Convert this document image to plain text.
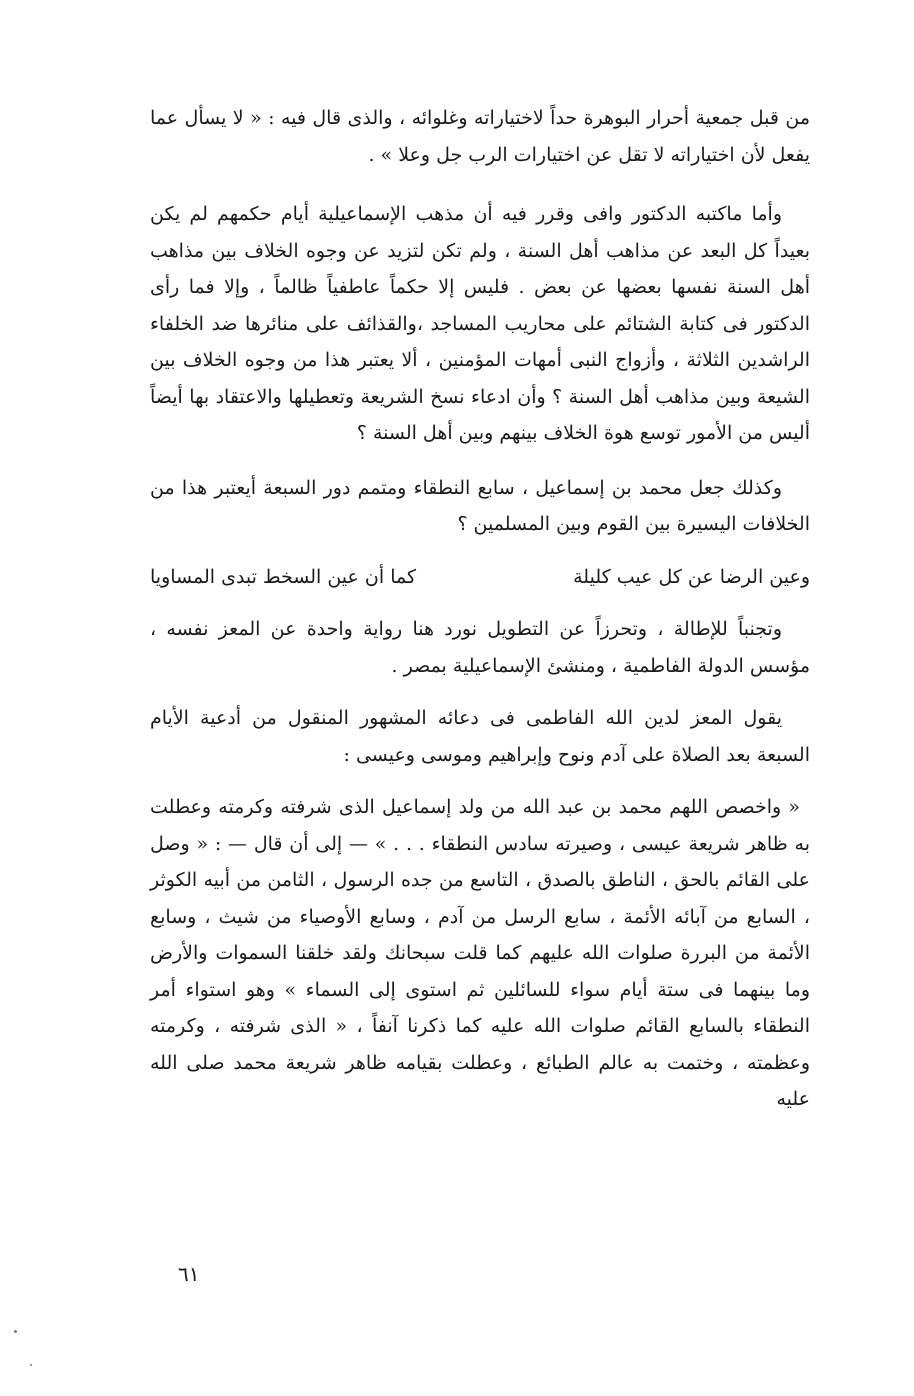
من قبل جمعية أحرار البوهرة حداً لاختياراته وغلوائه ، والذى قال فيه : « لا يسأل عما يفعل لأن اختياراته لا تقل عن اختيارات الرب جل وعلا » .

وأما ماكتبه الدكتور وافى وقرر فيه أن مذهب الإسماعيلية أيام حكمهم لم يكن بعيداً كل البعد عن مذاهب أهل السنة ، ولم تكن لتزيد عن وجوه الخلاف بين مذاهب أهل السنة نفسها بعضها عن بعض . فليس إلا حكماً عاطفياً ظالماً ، وإلا فما رأى الدكتور فى كتابة الشتائم على محاريب المساجد ،والقذائف على منائرها ضد الخلفاء الراشدين الثلاثة ، وأزواج النبى أمهات المؤمنين ، ألا يعتبر هذا من وجوه الخلاف بين الشيعة وبين مذاهب أهل السنة ؟ وأن ادعاء نسخ الشريعة وتعطيلها والاعتقاد بها أيضاً أليس من الأمور توسع هوة الخلاف بينهم وبين أهل السنة ؟

وكذلك جعل محمد بن إسماعيل ، سابع النطقاء ومتمم دور السبعة أيعتبر هذا من الخلافات اليسيرة بين القوم وبين المسلمين ؟

وعين الرضا عن كل عيب كليلة
كما أن عين السخط تبدى المساويا

وتجنباً للإطالة ، وتحرزاً عن التطويل نورد هنا رواية واحدة عن المعز نفسه ، مؤسس الدولة الفاطمية ، ومنشئ الإسماعيلية بمصر .

يقول المعز لدين الله الفاطمى فى دعائه المشهور المنقول من أدعية الأيام السبعة بعد الصلاة على آدم ونوح وإبراهيم وموسى وعيسى :

« واخصص اللهم محمد بن عبد الله من ولد إسماعيل الذى شرفته وكرمته وعطلت به ظاهر شريعة عيسى ، وصيرته سادس النطقاء . . . » — إلى أن قال — : « وصل على القائم بالحق ، الناطق بالصدق ، التاسع من جده الرسول ، الثامن من أبيه الكوثر ، السابع من آبائه الأئمة ، سابع الرسل من آدم ، وسابع الأوصياء من شيث ، وسابع الأئمة من البررة صلوات الله عليهم كما قلت سبحانك ولقد خلقنا السموات والأرض وما بينهما فى ستة أيام سواء للسائلين ثم استوى إلى السماء » وهو استواء أمر النطقاء بالسابع القائم صلوات الله عليه كما ذكرنا آنفاً ، « الذى شرفته ، وكرمته وعظمته ، وختمت به عالم الطبائع ، وعطلت بقيامه ظاهر شريعة محمد صلى الله عليه

٦١
